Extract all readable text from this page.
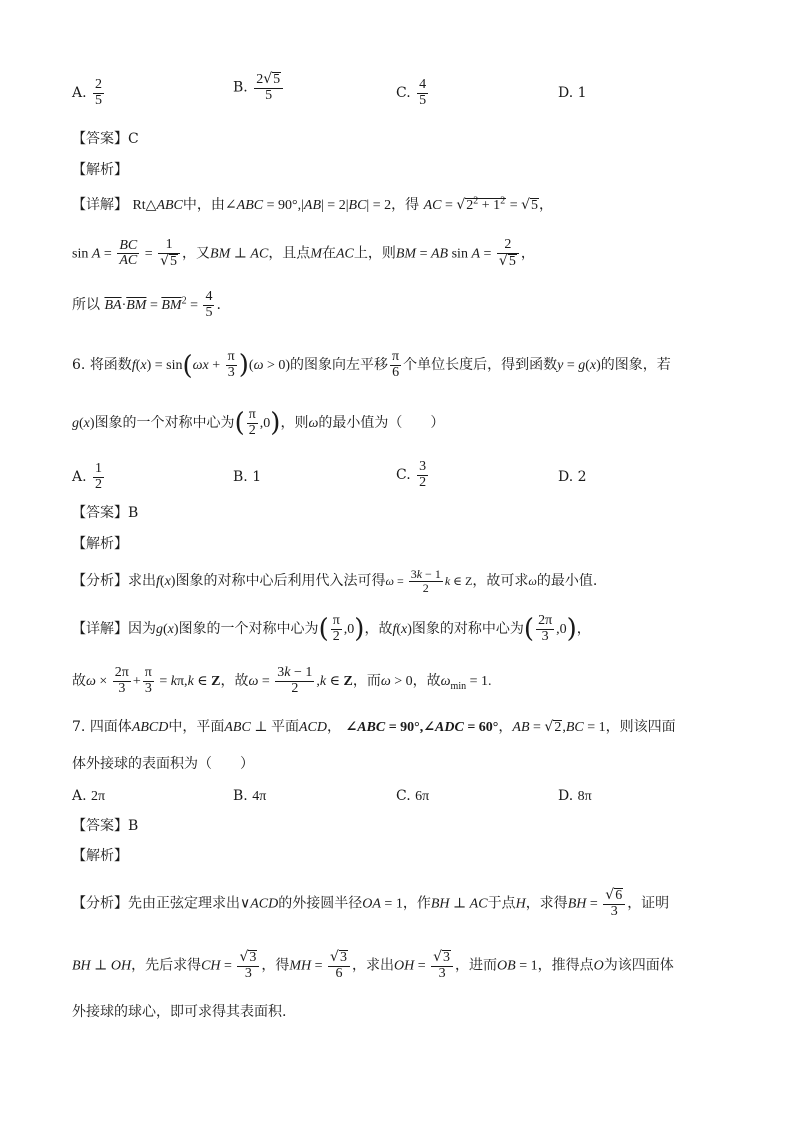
A. $\frac{2}{5}$	B. $\frac{2√5}{5}$	C. $\frac{4}{5}$	D. 1
【答案】C
【解析】
【详解】 Rt△ABC中，由∠ABC = 90°,|AB| = 2|BC| = 2，得 AC = $√2^2 + 1^2 = √5$，
$\sin A = \frac{BC}{AC} = \frac{1}{√5}$ ，又BM ⊥ AC，且点M在AC上，则BM = AB $\sin A = \frac{2}{√5}$ ，
所以 $\overline{BA}\cdot\overline{BM} = \overline{BM}^2 = \frac{4}{5}$ .
6. 将函数$f(x) = \sin(\omega x + \frac{\pi}{3} )(\omega > 0)$的图象向左平移 $\frac{\pi}{6}$ 个单位长度后，得到函数y = g(x)的图象，若
g(x)图象的一个对称中心为( $\frac{\pi}{2} ,0$)，则ω的最小值为（　　）
A. $\frac{1}{2}$	B. 1	C. $\frac{3}{2}$	D. 2
【答案】B
【解析】
【分析】求出f(x)图象的对称中心后利用代入法可得$\omega = \frac{3k - 1}{2}$ k ∈ Z，故可求ω的最小值.
【详解】因为g(x)图象的一个对称中心为( $\frac{\pi}{2} ,0$)，故f(x)图象的对称中心为( $\frac{2\pi}{3} ,0$)，
故$\omega \times \frac{2\pi}{3} + \frac{\pi}{3} = k\pi,k$ ∈ Z，故$\omega = \frac{3k - 1}{2} ,k$ ∈ Z，而ω > 0，故$\omega_{min} = 1$.
7. 四面体ABCD中，平面ABC ⊥ 平面ACD， ∠ABC = 90°,∠ADC = 60°，AB = √2,BC = 1，则该四面
体外接球的表面积为（　　）
A. 2π	B. 4π	C. 6π	D. 8π
【答案】B
【解析】
【分析】先由正弦定理求出∨ACD的外接圆半径OA = 1，作BH ⊥ AC于点H，求得BH = $\frac{√6}{3}$ ，证明
BH ⊥ OH，先后求得CH = $\frac{√3}{3}$ ，得MH = $\frac{√3}{6}$ ，求出OH = $\frac{√3}{3}$ ，进而OB = 1，推得点O为该四面体
外接球的球心，即可求得其表面积.
